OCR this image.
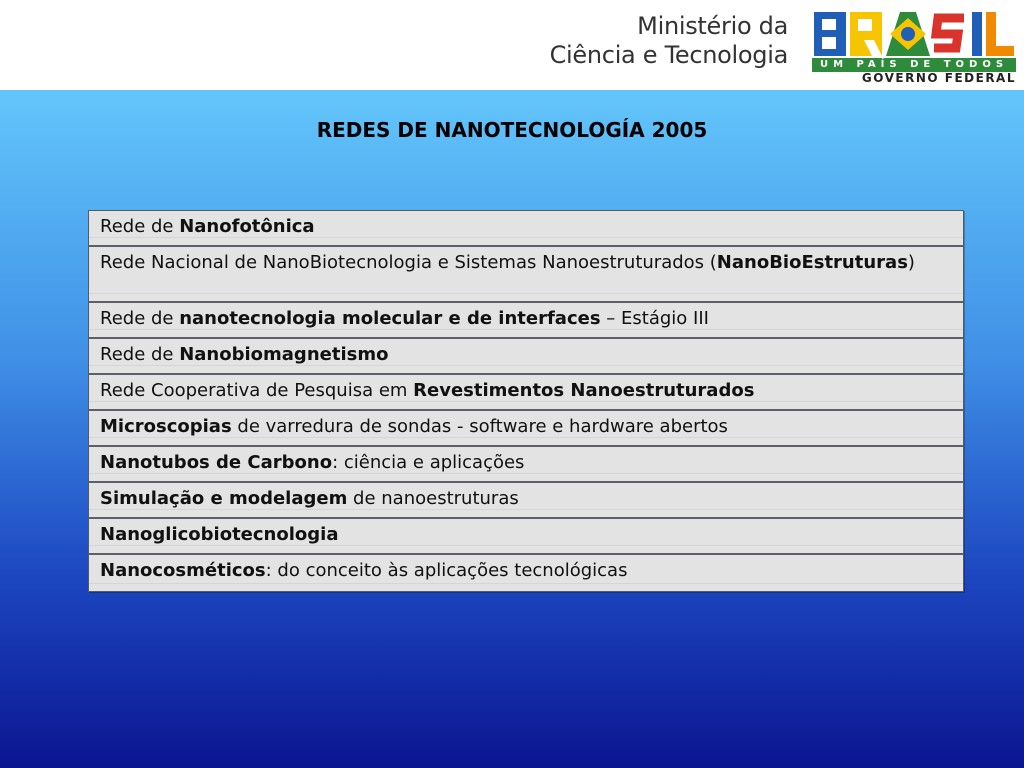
Ministério da
Ciência e Tecnologia	UM PAÍS DE TODOS
GOVERNO FEDERAL
REDES DE NANOTECNOLOGÍA 2005
Rede de Nanofotônica
Rede Nacional de NanoBiotecnologia e Sistemas Nanoestruturados (NanoBioEstruturas)
Rede de nanotecnologia molecular e de interfaces – Estágio III
Rede de Nanobiomagnetismo
Rede Cooperativa de Pesquisa em Revestimentos Nanoestruturados
Microscopias de varredura de sondas - software e hardware abertos
Nanotubos de Carbono: ciência e aplicações
Simulação e modelagem de nanoestruturas
Nanoglicobiotecnologia
Nanocosméticos: do conceito às aplicações tecnológicas
